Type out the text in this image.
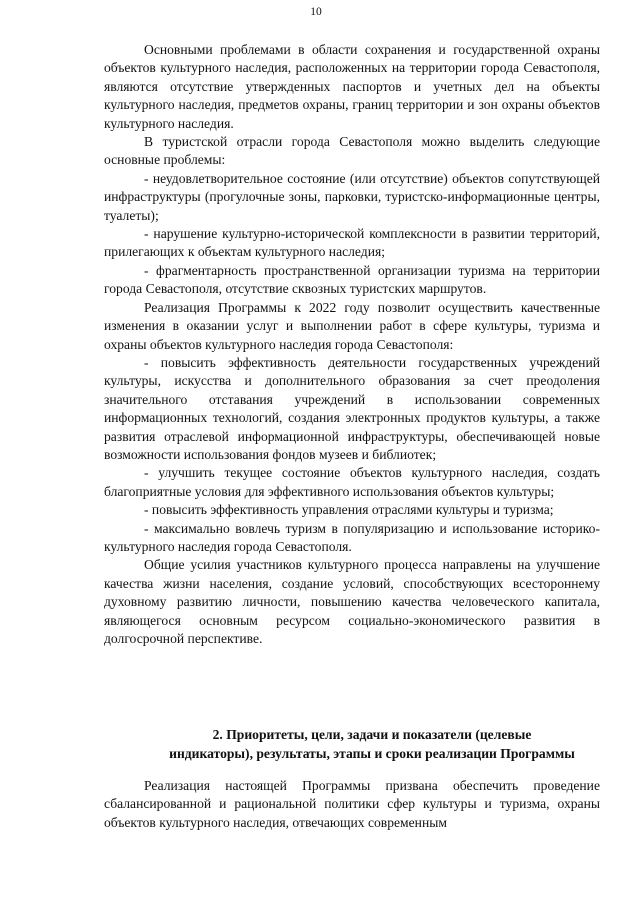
10

Основными проблемами в области сохранения и государственной охраны объектов культурного наследия, расположенных на территории города Севастополя, являются отсутствие утвержденных паспортов и учетных дел на объекты культурного наследия, предметов охраны, границ территории и зон охраны объектов культурного наследия.

В туристской отрасли города Севастополя можно выделить следующие основные проблемы:

- неудовлетворительное состояние (или отсутствие) объектов сопутствующей инфраструктуры (прогулочные зоны, парковки, туристско-информационные центры, туалеты);

- нарушение культурно-исторической комплексности в развитии территорий, прилегающих к объектам культурного наследия;

- фрагментарность пространственной организации туризма на территории города Севастополя, отсутствие сквозных туристских маршрутов.

Реализация Программы к 2022 году позволит осуществить качественные изменения в оказании услуг и выполнении работ в сфере культуры, туризма и охраны объектов культурного наследия города Севастополя:

- повысить эффективность деятельности государственных учреждений культуры, искусства и дополнительного образования за счет преодоления значительного отставания учреждений в использовании современных информационных технологий, создания электронных продуктов культуры, а также развития отраслевой информационной инфраструктуры, обеспечивающей новые возможности использования фондов музеев и библиотек;

- улучшить текущее состояние объектов культурного наследия, создать благоприятные условия для эффективного использования объектов культуры;

- повысить эффективность управления отраслями культуры и туризма;

- максимально вовлечь туризм в популяризацию и использование историко-культурного наследия города Севастополя.

Общие усилия участников культурного процесса направлены на улучшение качества жизни населения, создание условий, способствующих всестороннему духовному развитию личности, повышению качества человеческого капитала, являющегося основным ресурсом социально-экономического развития в долгосрочной перспективе.

2. Приоритеты, цели, задачи и показатели (целевые
индикаторы), результаты, этапы и сроки реализации Программы

Реализация настоящей Программы призвана обеспечить проведение сбалансированной и рациональной политики сфер культуры и туризма, охраны объектов культурного наследия, отвечающих современным
